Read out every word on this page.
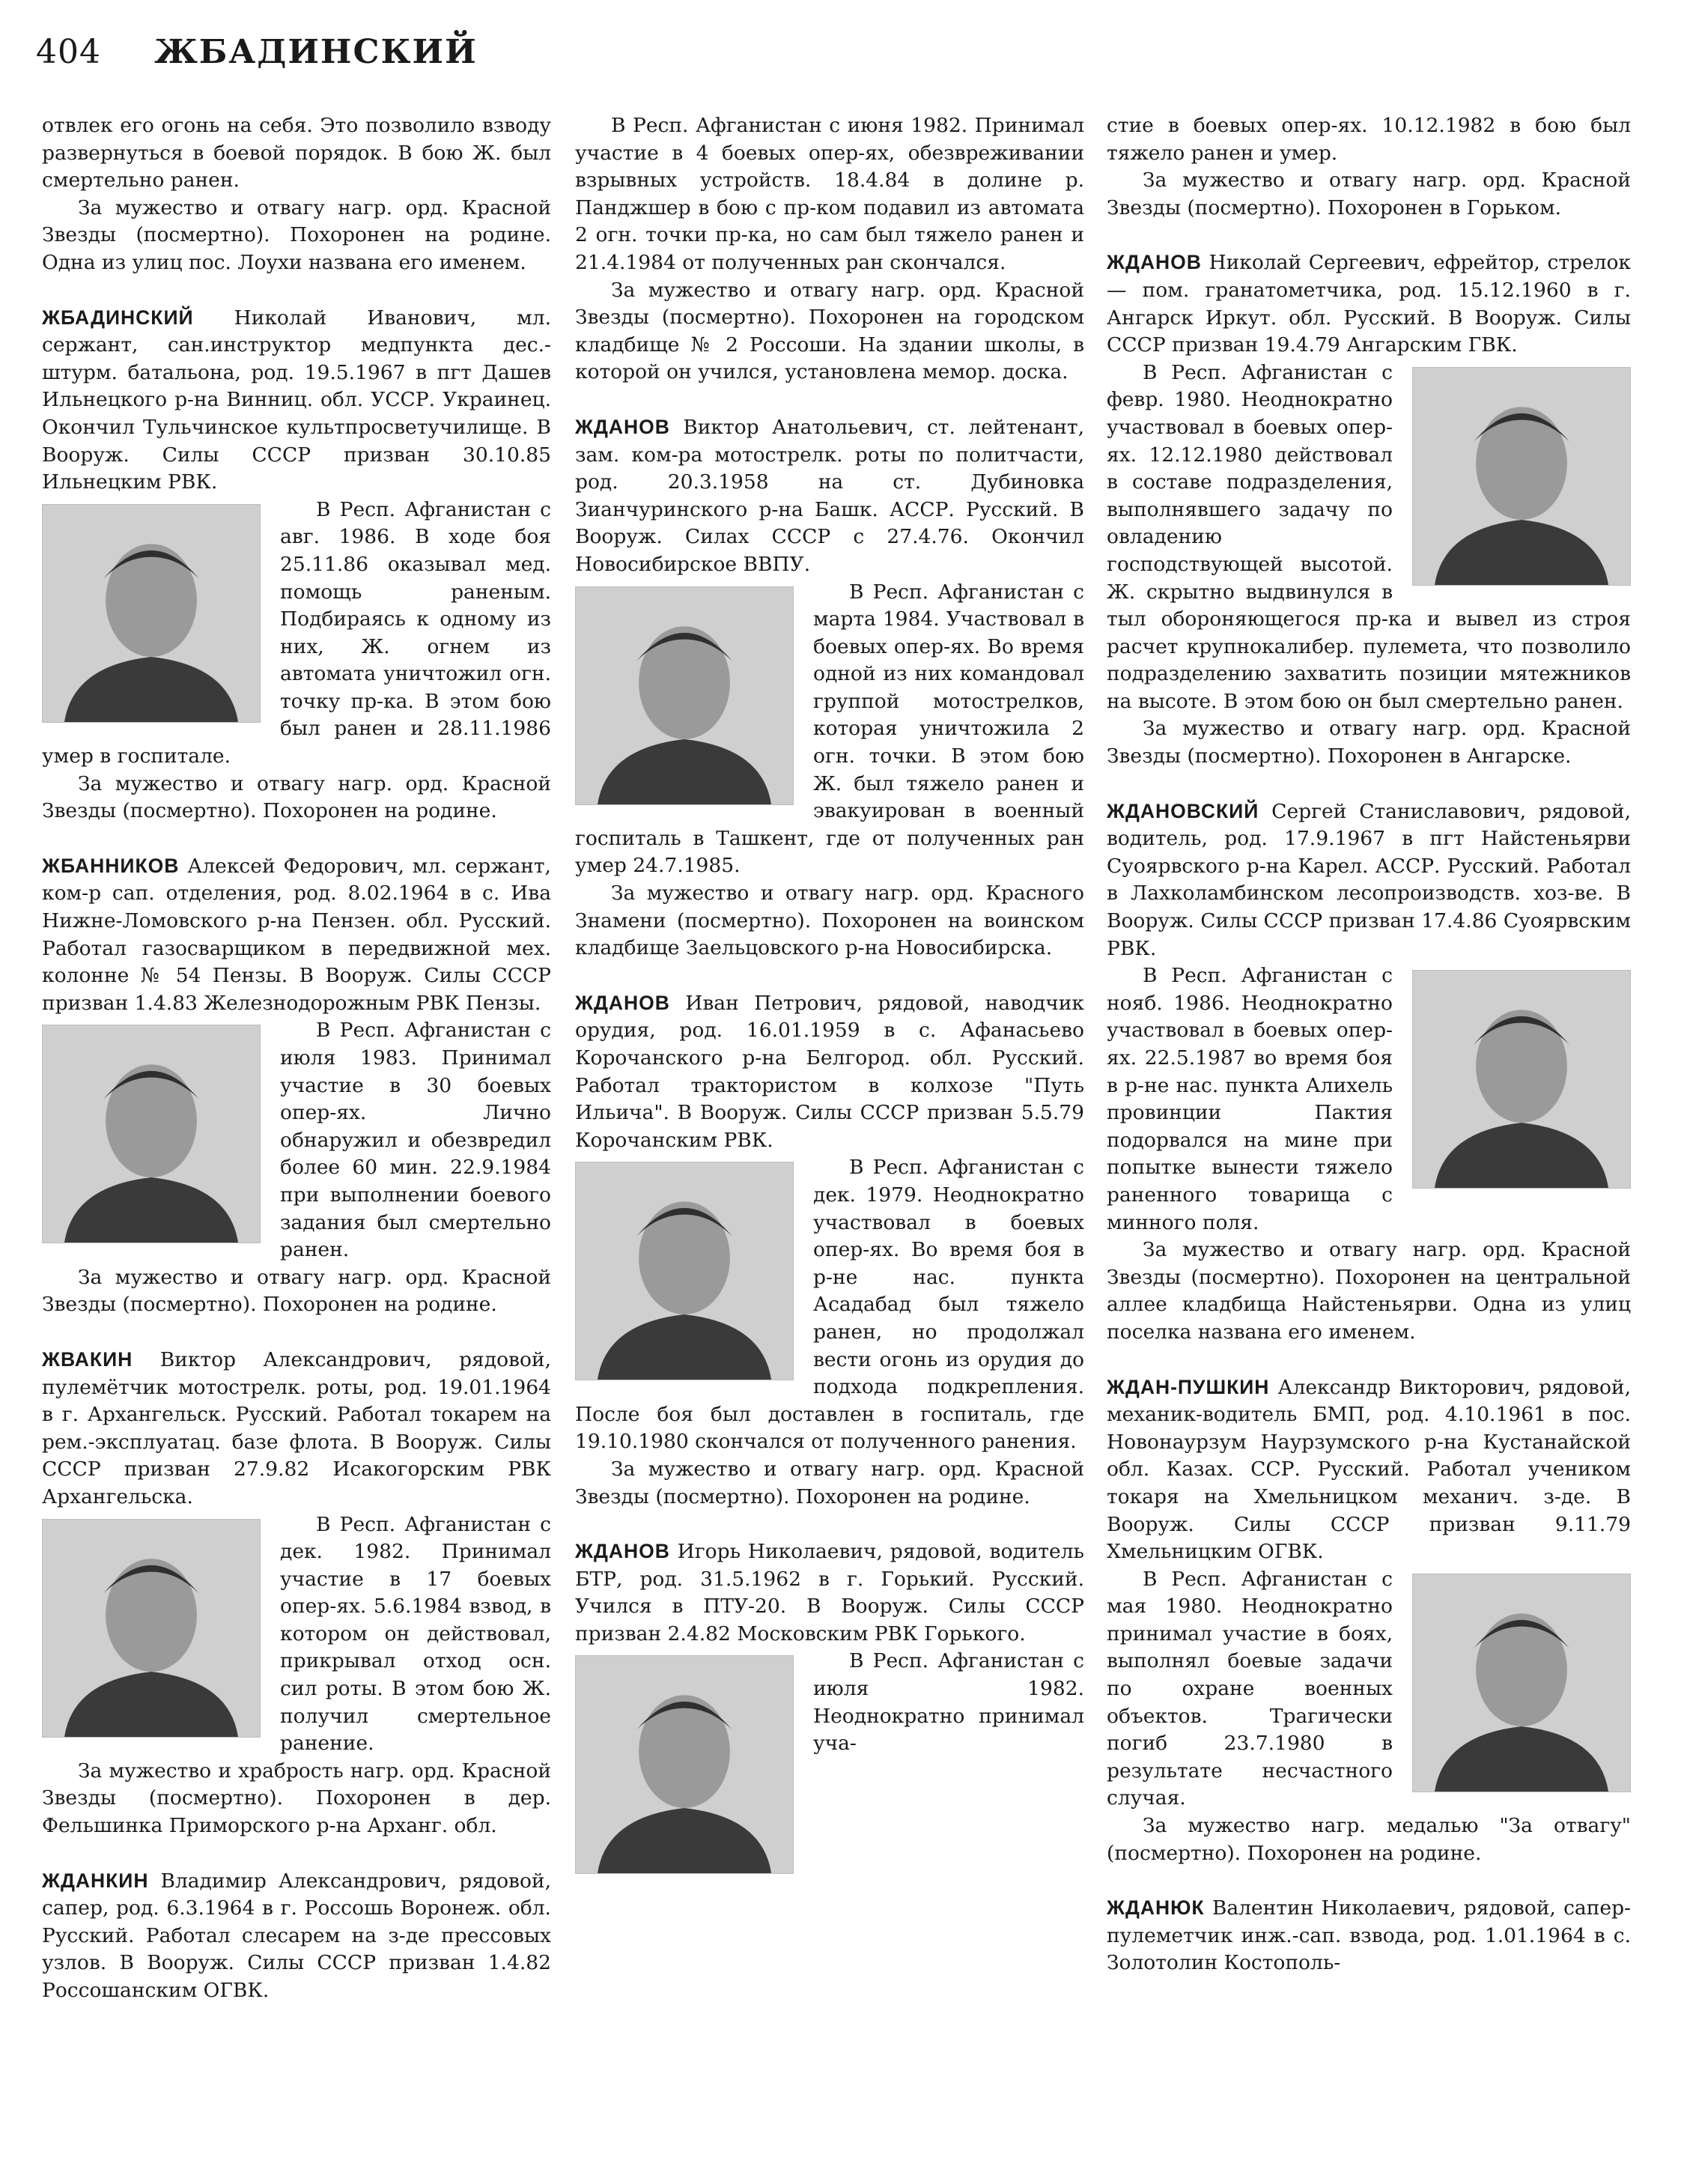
404 ЖБАДИНСКИЙ

отвлек его огонь на себя. Это позволило взводу развернуться в боевой порядок. В бою Ж. был смертельно ранен.

За мужество и отвагу нагр. орд. Красной Звезды (посмертно). Похоронен на родине. Одна из улиц пос. Лоухи названа его именем.

ЖБАДИНСКИЙ Николай Иванович, мл. сержант, сан.инструктор медпункта дес.-штурм. батальона, род. 19.5.1967 в пгт Дашев Ильнецкого р-на Винниц. обл. УССР. Украинец. Окончил Тульчинское культпросветучилище. В Вооруж. Силы СССР призван 30.10.85 Ильнецким РВК.

В Респ. Афганистан с авг. 1986. В ходе боя 25.11.86 оказывал мед. помощь раненым. Подбираясь к одному из них, Ж. огнем из автомата уничтожил огн. точку пр-ка. В этом бою был ранен и 28.11.1986 умер в госпитале.

За мужество и отвагу нагр. орд. Красной Звезды (посмертно). Похоронен на родине.

ЖБАННИКОВ Алексей Федорович, мл. сержант, ком-р сап. отделения, род. 8.02.1964 в с. Ива Нижне-Ломовского р-на Пензен. обл. Русский. Работал газосварщиком в передвижной мех. колонне № 54 Пензы. В Вооруж. Силы СССР призван 1.4.83 Железнодорожным РВК Пензы.

В Респ. Афганистан с июля 1983. Принимал участие в 30 боевых опер-ях. Лично обнаружил и обезвредил более 60 мин. 22.9.1984 при выполнении боевого задания был смертельно ранен.

За мужество и отвагу нагр. орд. Красной Звезды (посмертно). Похоронен на родине.

ЖВАКИН Виктор Александрович, рядовой, пулемётчик мотострелк. роты, род. 19.01.1964 в г. Архангельск. Русский. Работал токарем на рем.-эксплуатац. базе флота. В Вооруж. Силы СССР призван 27.9.82 Исакогорским РВК Архангельска.

В Респ. Афганистан с дек. 1982. Принимал участие в 17 боевых опер-ях. 5.6.1984 взвод, в котором он действовал, прикрывал отход осн. сил роты. В этом бою Ж. получил смертельное ранение.

За мужество и храбрость нагр. орд. Красной Звезды (посмертно). Похоронен в дер. Фельшинка Приморского р-на Арханг. обл.

ЖДАНКИН Владимир Александрович, рядовой, сапер, род. 6.3.1964 в г. Россошь Воронеж. обл. Русский. Работал слесарем на з-де прессовых узлов. В Вооруж. Силы СССР призван 1.4.82 Россошанским ОГВК.

В Респ. Афганистан с июня 1982. Принимал участие в 4 боевых опер-ях, обезвреживании взрывных устройств. 18.4.84 в долине р. Панджшер в бою с пр-ком подавил из автомата 2 огн. точки пр-ка, но сам был тяжело ранен и 21.4.1984 от полученных ран скончался.

За мужество и отвагу нагр. орд. Красной Звезды (посмертно). Похоронен на городском кладбище № 2 Россоши. На здании школы, в которой он учился, установлена мемор. доска.

ЖДАНОВ Виктор Анатольевич, ст. лейтенант, зам. ком-ра мотострелк. роты по политчасти, род. 20.3.1958 на ст. Дубиновка Зианчуринского р-на Башк. АССР. Русский. В Вооруж. Силах СССР с 27.4.76. Окончил Новосибирское ВВПУ.

В Респ. Афганистан с марта 1984. Участвовал в боевых опер-ях. Во время одной из них командовал группой мотострелков, которая уничтожила 2 огн. точки. В этом бою Ж. был тяжело ранен и эвакуирован в военный госпиталь в Ташкент, где от полученных ран умер 24.7.1985.

За мужество и отвагу нагр. орд. Красного Знамени (посмертно). Похоронен на воинском кладбище Заельцовского р-на Новосибирска.

ЖДАНОВ Иван Петрович, рядовой, наводчик орудия, род. 16.01.1959 в с. Афанасьево Корочанского р-на Белгород. обл. Русский. Работал трактористом в колхозе "Путь Ильича". В Вооруж. Силы СССР призван 5.5.79 Корочанским РВК.

В Респ. Афганистан с дек. 1979. Неоднократно участвовал в боевых опер-ях. Во время боя в р-не нас. пункта Асадабад был тяжело ранен, но продолжал вести огонь из орудия до подхода подкрепления. После боя был доставлен в госпиталь, где 19.10.1980 скончался от полученного ранения.

За мужество и отвагу нагр. орд. Красной Звезды (посмертно). Похоронен на родине.

ЖДАНОВ Игорь Николаевич, рядовой, водитель БТР, род. 31.5.1962 в г. Горький. Русский. Учился в ПТУ-20. В Вооруж. Силы СССР призван 2.4.82 Московским РВК Горького.

В Респ. Афганистан с июля 1982. Неоднократно принимал уча-

стие в боевых опер-ях. 10.12.1982 в бою был тяжело ранен и умер.

За мужество и отвагу нагр. орд. Красной Звезды (посмертно). Похоронен в Горьком.

ЖДАНОВ Николай Сергеевич, ефрейтор, стрелок — пом. гранатометчика, род. 15.12.1960 в г. Ангарск Иркут. обл. Русский. В Вооруж. Силы СССР призван 19.4.79 Ангарским ГВК.

В Респ. Афганистан с февр. 1980. Неоднократно участвовал в боевых опер-ях. 12.12.1980 действовал в составе подразделения, выполнявшего задачу по овладению господствующей высотой. Ж. скрытно выдвинулся в тыл обороняющегося пр-ка и вывел из строя расчет крупнокалибер. пулемета, что позволило подразделению захватить позиции мятежников на высоте. В этом бою он был смертельно ранен.

За мужество и отвагу нагр. орд. Красной Звезды (посмертно). Похоронен в Ангарске.

ЖДАНОВСКИЙ Сергей Станиславович, рядовой, водитель, род. 17.9.1967 в пгт Найстеньярви Суоярвского р-на Карел. АССР. Русский. Работал в Лахколамбинском лесопроизводств. хоз-ве. В Вооруж. Силы СССР призван 17.4.86 Суоярвским РВК.

В Респ. Афганистан с нояб. 1986. Неоднократно участвовал в боевых опер-ях. 22.5.1987 во время боя в р-не нас. пункта Алихель провинции Пактия подорвался на мине при попытке вынести тяжело раненного товарища с минного поля.

За мужество и отвагу нагр. орд. Красной Звезды (посмертно). Похоронен на центральной аллее кладбища Найстеньярви. Одна из улиц поселка названа его именем.

ЖДАН-ПУШКИН Александр Викторович, рядовой, механик-водитель БМП, род. 4.10.1961 в пос. Новонаурзум Наурзумского р-на Кустанайской обл. Казах. ССР. Русский. Работал учеником токаря на Хмельницком механич. з-де. В Вооруж. Силы СССР призван 9.11.79 Хмельницким ОГВК.

В Респ. Афганистан с мая 1980. Неоднократно принимал участие в боях, выполнял боевые задачи по охране военных объектов. Трагически погиб 23.7.1980 в результате несчастного случая.

За мужество нагр. медалью "За отвагу" (посмертно). Похоронен на родине.

ЖДАНЮК Валентин Николаевич, рядовой, сапер-пулеметчик инж.-сап. взвода, род. 1.01.1964 в с. Золотолин Костополь-
